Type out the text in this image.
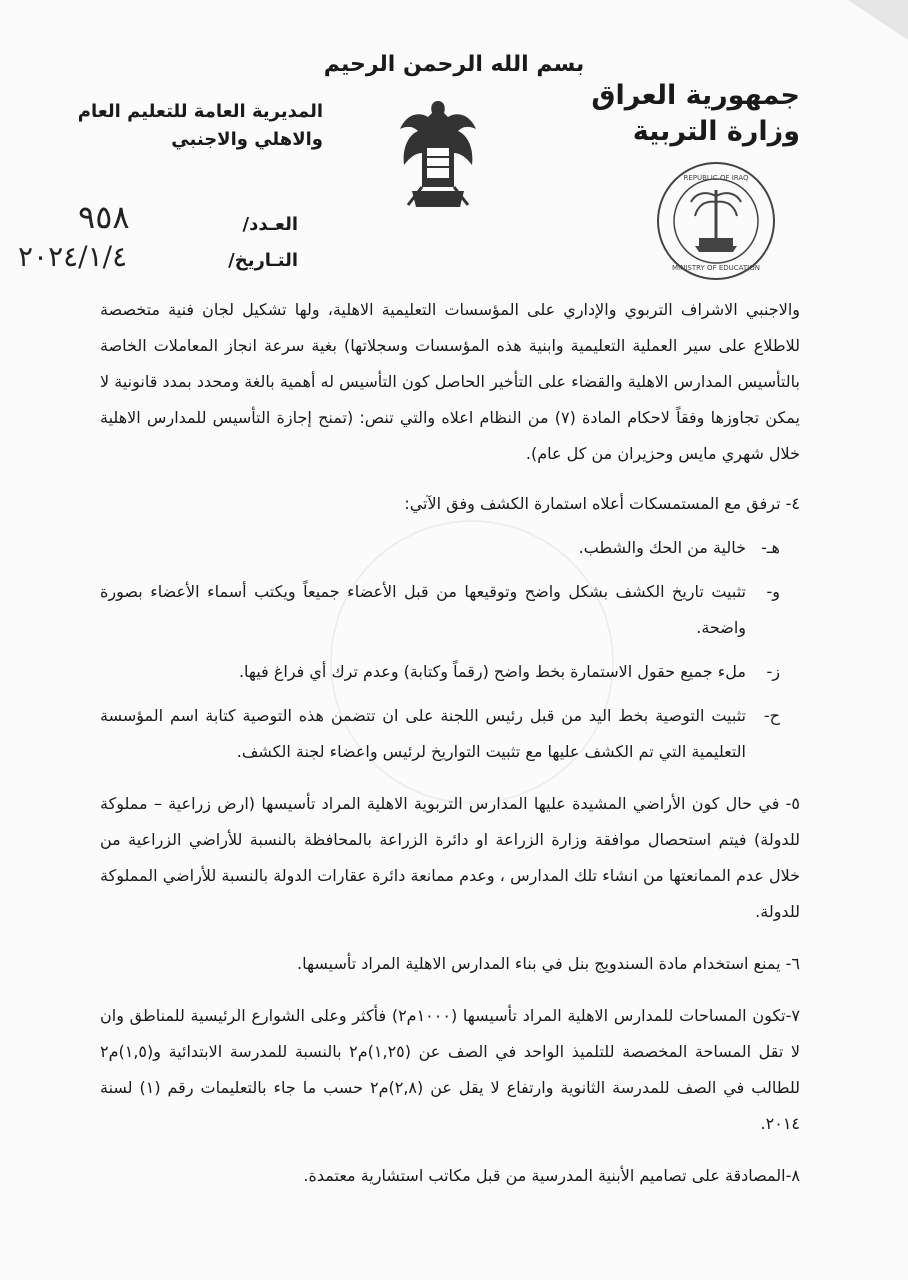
بسم الله الرحمن الرحيم
جمهورية العراق
وزارة التربية
المديرية العامة للتعليم العام
والاهلي والاجنبي
REPUBLIC OF IRAQ
MINISTRY OF EDUCATION
العـدد/
٩٥٨
التـاريخ/
٢٠٢٤/١/٤

والاجنبي الاشراف التربوي والإداري على المؤسسات التعليمية الاهلية، ولها تشكيل لجان فنية متخصصة للاطلاع على سير العملية التعليمية وابنية هذه المؤسسات وسجلاتها) بغية سرعة انجاز المعاملات الخاصة بالتأسيس المدارس الاهلية والقضاء على التأخير الحاصل كون التأسيس له أهمية بالغة ومحدد بمدد قانونية لا يمكن تجاوزها وفقاً لاحكام المادة (٧) من النظام اعلاه والتي تنص: (تمنح إجازة التأسيس للمدارس الاهلية خلال شهري مايس وحزيران من كل عام).

٤- ترفق مع المستمسكات أعلاه استمارة الكشف وفق الآتي:

هـ-
خالية من الحك والشطب.
و-
تثبيت تاريخ الكشف بشكل واضح وتوقيعها من قبل الأعضاء جميعاً ويكتب أسماء الأعضاء بصورة واضحة.
ز-
ملء جميع حقول الاستمارة بخط واضح (رقماً وكتابة) وعدم ترك أي فراغ فيها.
ح-
تثبيت التوصية بخط اليد من قبل رئيس اللجنة على ان تتضمن هذه التوصية كتابة اسم المؤسسة التعليمية التي تم الكشف عليها مع تثبيت التواريخ لرئيس واعضاء لجنة الكشف.

٥- في حال كون الأراضي المشيدة عليها المدارس التربوية الاهلية المراد تأسيسها (ارض زراعية – مملوكة للدولة) فيتم استحصال موافقة وزارة الزراعة او دائرة الزراعة بالمحافظة بالنسبة للأراضي الزراعية من خلال عدم الممانعتها من انشاء تلك المدارس ، وعدم ممانعة دائرة عقارات الدولة بالنسبة للأراضي المملوكة للدولة.

٦- يمنع استخدام مادة السندويج بنل في بناء المدارس الاهلية المراد تأسيسها.

٧-تكون المساحات للمدارس الاهلية المراد تأسيسها (١٠٠٠م٢) فأكثر وعلى الشوارع الرئيسية للمناطق وان لا تقل المساحة المخصصة للتلميذ الواحد في الصف عن (١,٢٥)م٢ بالنسبة للمدرسة الابتدائية و(١,٥)م٢ للطالب في الصف للمدرسة الثانوية وارتفاع لا يقل عن (٢,٨)م٢ حسب ما جاء بالتعليمات رقم (١) لسنة ٢٠١٤.

٨-المصادقة على تصاميم الأبنية المدرسية من قبل مكاتب استشارية معتمدة.
